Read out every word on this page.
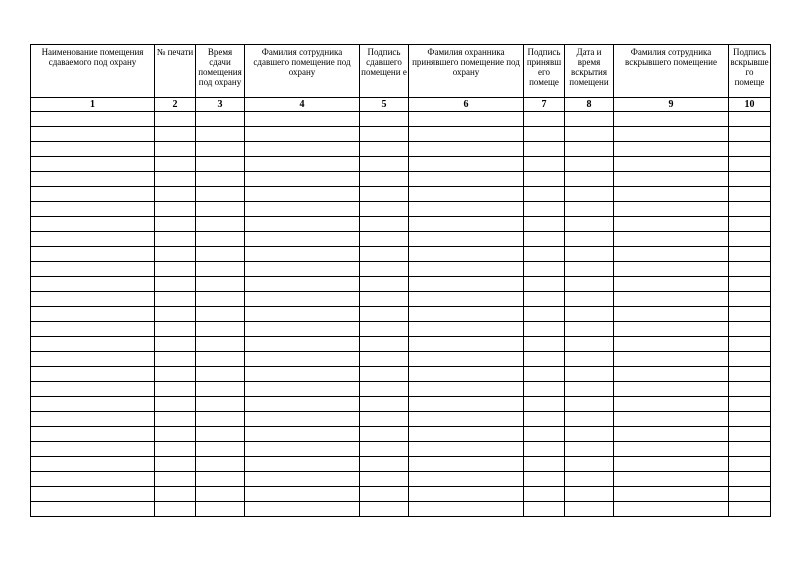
Наименование помещения сдаваемого под охрану	№ печати	Время сдачи помещения под охрану	Фамилия сотрудника сдавшего помещение под охрану	Подпись сдавшего помещени е	Фамилия охранника принявшего помещение под охрану	Подпись принявшего помеще	Дата и время вскрытия помещени	Фамилия сотрудника вскрывшего помещение	Подпись вскрывшего помеще
1	2	3	4	5	6	7	8	9	10
